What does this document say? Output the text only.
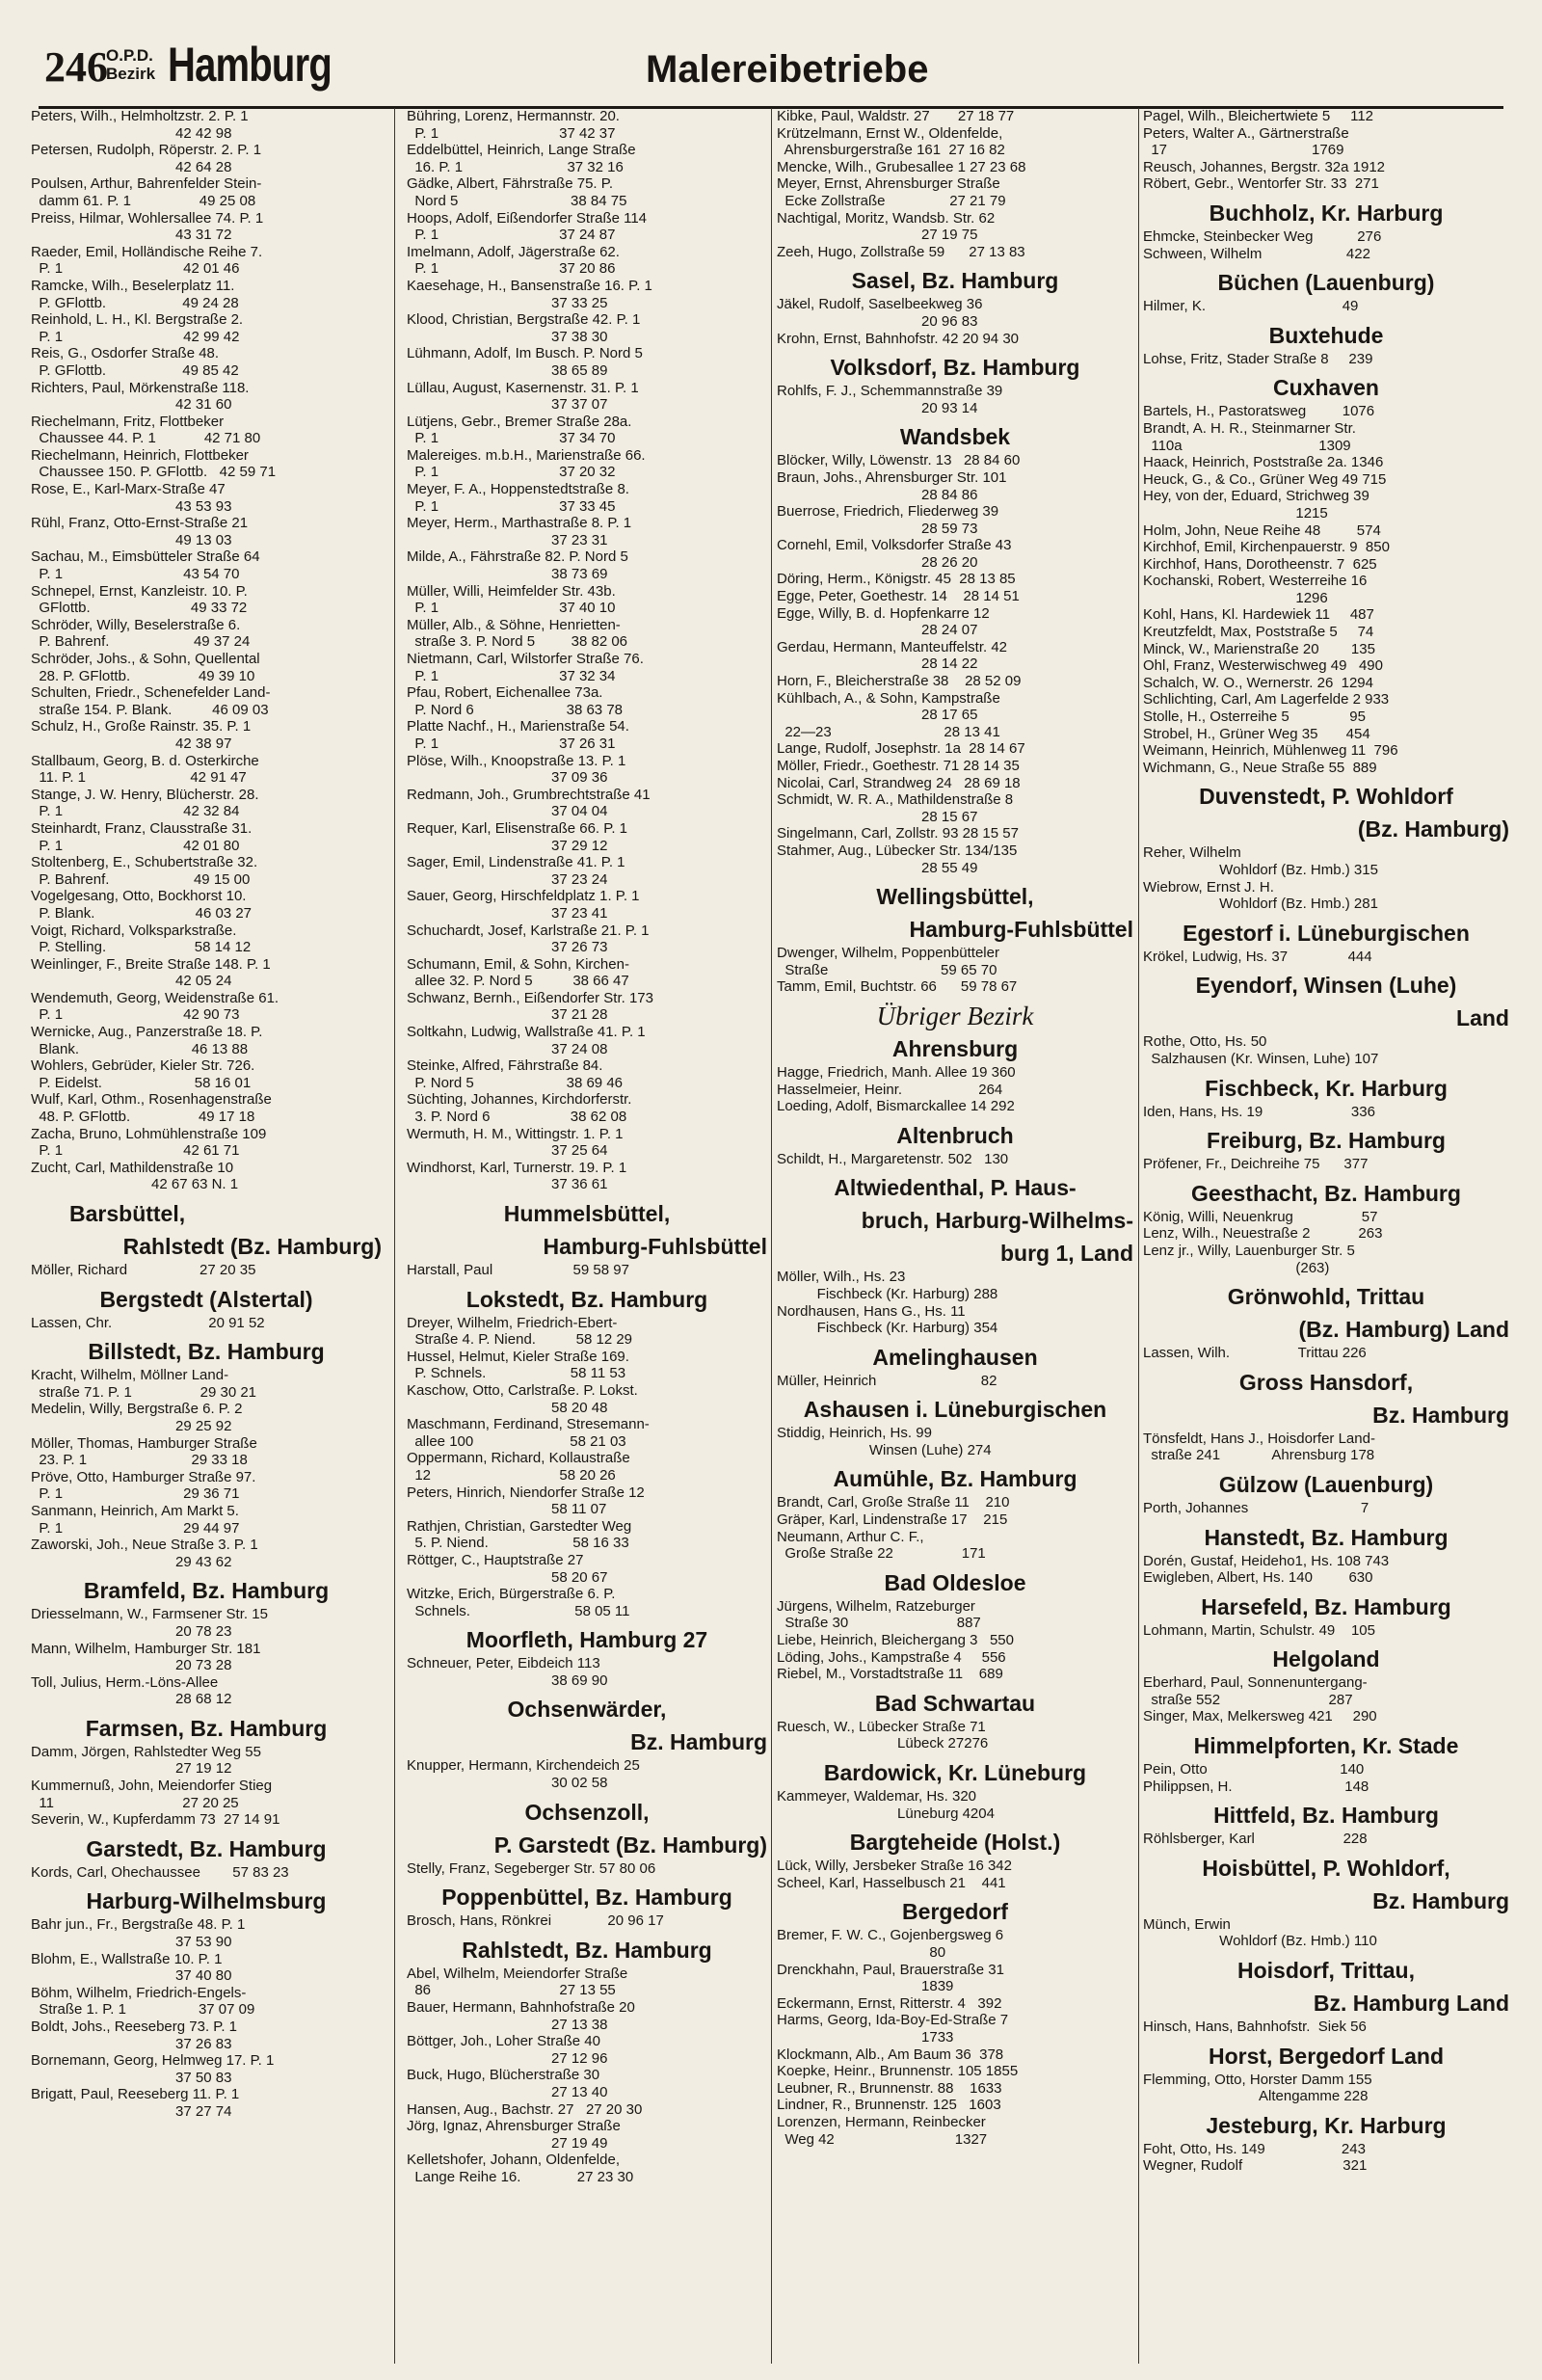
246
O.P.D.
Bezirk Hamburg	Malereibetriebe
Peters, Wilh., Helmholtzstr. 2. P. 1
42 42 98
Petersen, Rudolph, Röperstr. 2. P. 1
42 64 28
Poulsen, Arthur, Bahrenfelder Stein-
damm 61. P. 1                 49 25 08
Preiss, Hilmar, Wohlersallee 74. P. 1
43 31 72
Raeder, Emil, Holländische Reihe 7.
P. 1                              42 01 46
Ramcke, Wilh., Beselerplatz 11.
P. GFlottb.                   49 24 28
Reinhold, L. H., Kl. Bergstraße 2.
P. 1                              42 99 42
Reis, G., Osdorfer Straße 48.
P. GFlottb.                   49 85 42
Richters, Paul, Mörkenstraße 118.
42 31 60
Riechelmann, Fritz, Flottbeker
Chaussee 44. P. 1            42 71 80
Riechelmann, Heinrich, Flottbeker
Chaussee 150. P. GFlottb.   42 59 71
Rose, E., Karl-Marx-Straße 47
43 53 93
Rühl, Franz, Otto-Ernst-Straße 21
49 13 03
Sachau, M., Eimsbütteler Straße 64
P. 1                              43 54 70
Schnepel, Ernst, Kanzleistr. 10. P.
GFlottb.                         49 33 72
Schröder, Willy, Beselerstraße 6.
P. Bahrenf.                     49 37 24
Schröder, Johs., & Sohn, Quellental
28. P. GFlottb.                 49 39 10
Schulten, Friedr., Schenefelder Land-
straße 154. P. Blank.          46 09 03
Schulz, H., Große Rainstr. 35. P. 1
42 38 97
Stallbaum, Georg, B. d. Osterkirche
11. P. 1                          42 91 47
Stange, J. W. Henry, Blücherstr. 28.
P. 1                              42 32 84
Steinhardt, Franz, Clausstraße 31.
P. 1                              42 01 80
Stoltenberg, E., Schubertstraße 32.
P. Bahrenf.                     49 15 00
Vogelgesang, Otto, Bockhorst 10.
P. Blank.                         46 03 27
Voigt, Richard, Volksparkstraße.
P. Stelling.                      58 14 12
Weinlinger, F., Breite Straße 148. P. 1
42 05 24
Wendemuth, Georg, Weidenstraße 61.
P. 1                              42 90 73
Wernicke, Aug., Panzerstraße 18. P.
Blank.                            46 13 88
Wohlers, Gebrüder, Kieler Str. 726.
P. Eidelst.                       58 16 01
Wulf, Karl, Othm., Rosenhagenstraße
48. P. GFlottb.                 49 17 18
Zacha, Bruno, Lohmühlenstraße 109
P. 1                              42 61 71
Zucht, Carl, Mathildenstraße 10
42 67 63 N. 1
Barsbüttel,
Rahlstedt (Bz. Hamburg)
Möller, Richard                  27 20 35
Bergstedt (Alstertal)
Lassen, Chr.                        20 91 52
Billstedt, Bz. Hamburg
Kracht, Wilhelm, Möllner Land-
straße 71. P. 1                 29 30 21
Medelin, Willy, Bergstraße 6. P. 2
29 25 92
Möller, Thomas, Hamburger Straße
23. P. 1                          29 33 18
Pröve, Otto, Hamburger Straße 97.
P. 1                              29 36 71
Sanmann, Heinrich, Am Markt 5.
P. 1                              29 44 97
Zaworski, Joh., Neue Straße 3. P. 1
29 43 62
Bramfeld, Bz. Hamburg
Driesselmann, W., Farmsener Str. 15
20 78 23
Mann, Wilhelm, Hamburger Str. 181
20 73 28
Toll, Julius, Herm.-Löns-Allee
28 68 12
Farmsen, Bz. Hamburg
Damm, Jörgen, Rahlstedter Weg 55
27 19 12
Kummernuß, John, Meiendorfer Stieg
11                                27 20 25
Severin, W., Kupferdamm 73  27 14 91
Garstedt, Bz. Hamburg
Kords, Carl, Ohechaussee        57 83 23
Harburg-Wilhelmsburg
Bahr jun., Fr., Bergstraße 48. P. 1
37 53 90
Blohm, E., Wallstraße 10. P. 1
37 40 80
Böhm, Wilhelm, Friedrich-Engels-
Straße 1. P. 1                  37 07 09
Boldt, Johs., Reeseberg 73. P. 1
37 26 83
Bornemann, Georg, Helmweg 17. P. 1
37 50 83
Brigatt, Paul, Reeseberg 11. P. 1
37 27 74
Bühring, Lorenz, Hermannstr. 20.
P. 1                              37 42 37
Eddelbüttel, Heinrich, Lange Straße
16. P. 1                          37 32 16
Gädke, Albert, Fährstraße 75. P.
Nord 5                            38 84 75
Hoops, Adolf, Eißendorfer Straße 114
P. 1                              37 24 87
Imelmann, Adolf, Jägerstraße 62.
P. 1                              37 20 86
Kaesehage, H., Bansenstraße 16. P. 1
37 33 25
Klood, Christian, Bergstraße 42. P. 1
37 38 30
Lühmann, Adolf, Im Busch. P. Nord 5
38 65 89
Lüllau, August, Kasernenstr. 31. P. 1
37 37 07
Lütjens, Gebr., Bremer Straße 28a.
P. 1                              37 34 70
Malereiges. m.b.H., Marienstraße 66.
P. 1                              37 20 32
Meyer, F. A., Hoppenstedtstraße 8.
P. 1                              37 33 45
Meyer, Herm., Marthastraße 8. P. 1
37 23 31
Milde, A., Fährstraße 82. P. Nord 5
38 73 69
Müller, Willi, Heimfelder Str. 43b.
P. 1                              37 40 10
Müller, Alb., & Söhne, Henrietten-
straße 3. P. Nord 5         38 82 06
Nietmann, Carl, Wilstorfer Straße 76.
P. 1                              37 32 34
Pfau, Robert, Eichenallee 73a.
P. Nord 6                       38 63 78
Platte Nachf., H., Marienstraße 54.
P. 1                              37 26 31
Plöse, Wilh., Knoopstraße 13. P. 1
37 09 36
Redmann, Joh., Grumbrechtstraße 41
37 04 04
Requer, Karl, Elisenstraße 66. P. 1
37 29 12
Sager, Emil, Lindenstraße 41. P. 1
37 23 24
Sauer, Georg, Hirschfeldplatz 1. P. 1
37 23 41
Schuchardt, Josef, Karlstraße 21. P. 1
37 26 73
Schumann, Emil, & Sohn, Kirchen-
allee 32. P. Nord 5          38 66 47
Schwanz, Bernh., Eißendorfer Str. 173
37 21 28
Soltkahn, Ludwig, Wallstraße 41. P. 1
37 24 08
Steinke, Alfred, Fährstraße 84.
P. Nord 5                       38 69 46
Süchting, Johannes, Kirchdorferstr.
3. P. Nord 6                    38 62 08
Wermuth, H. M., Wittingstr. 1. P. 1
37 25 64
Windhorst, Karl, Turnerstr. 19. P. 1
37 36 61
Hummelsbüttel,
Hamburg-Fuhlsbüttel
Harstall, Paul                    59 58 97
Lokstedt, Bz. Hamburg
Dreyer, Wilhelm, Friedrich-Ebert-
Straße 4. P. Niend.          58 12 29
Hussel, Helmut, Kieler Straße 169.
P. Schnels.                     58 11 53
Kaschow, Otto, Carlstraße. P. Lokst.
58 20 48
Maschmann, Ferdinand, Stresemann-
allee 100                        58 21 03
Oppermann, Richard, Kollaustraße
12                                58 20 26
Peters, Hinrich, Niendorfer Straße 12
58 11 07
Rathjen, Christian, Garstedter Weg
5. P. Niend.                     58 16 33
Röttger, C., Hauptstraße 27
58 20 67
Witzke, Erich, Bürgerstraße 6. P.
Schnels.                          58 05 11
Moorfleth, Hamburg 27
Schneuer, Peter, Eibdeich 113
38 69 90
Ochsenwärder,
Bz. Hamburg
Knupper, Hermann, Kirchendeich 25
30 02 58
Ochsenzoll,
P. Garstedt (Bz. Hamburg)
Stelly, Franz, Segeberger Str. 57 80 06
Poppenbüttel, Bz. Hamburg
Brosch, Hans, Rönkrei              20 96 17
Rahlstedt, Bz. Hamburg
Abel, Wilhelm, Meiendorfer Straße
86                                27 13 55
Bauer, Hermann, Bahnhofstraße 20
27 13 38
Böttger, Joh., Loher Straße 40
27 12 96
Buck, Hugo, Blücherstraße 30
27 13 40
Hansen, Aug., Bachstr. 27   27 20 30
Jörg, Ignaz, Ahrensburger Straße
27 19 49
Kelletshofer, Johann, Oldenfelde,
Lange Reihe 16.              27 23 30
Kibke, Paul, Waldstr. 27       27 18 77
Krützelmann, Ernst W., Oldenfelde,
Ahrensburgerstraße 161  27 16 82
Mencke, Wilh., Grubesallee 1 27 23 68
Meyer, Ernst, Ahrensburger Straße
Ecke Zollstraße                27 21 79
Nachtigal, Moritz, Wandsb. Str. 62
27 19 75
Zeeh, Hugo, Zollstraße 59      27 13 83
Sasel, Bz. Hamburg
Jäkel, Rudolf, Saselbeekweg 36
20 96 83
Krohn, Ernst, Bahnhofstr. 42 20 94 30
Volksdorf, Bz. Hamburg
Rohlfs, F. J., Schemmannstraße 39
20 93 14
Wandsbek
Blöcker, Willy, Löwenstr. 13   28 84 60
Braun, Johs., Ahrensburger Str. 101
28 84 86
Buerrose, Friedrich, Fliederweg 39
28 59 73
Cornehl, Emil, Volksdorfer Straße 43
28 26 20
Döring, Herm., Königstr. 45  28 13 85
Egge, Peter, Goethestr. 14    28 14 51
Egge, Willy, B. d. Hopfenkarre 12
28 24 07
Gerdau, Hermann, Manteuffelstr. 42
28 14 22
Horn, F., Bleicherstraße 38    28 52 09
Kühlbach, A., & Sohn, Kampstraße
28 17 65
22—23                            28 13 41
Lange, Rudolf, Josephstr. 1a  28 14 67
Möller, Friedr., Goethestr. 71 28 14 35
Nicolai, Carl, Strandweg 24   28 69 18
Schmidt, W. R. A., Mathildenstraße 8
28 15 67
Singelmann, Carl, Zollstr. 93 28 15 57
Stahmer, Aug., Lübecker Str. 134/135
28 55 49
Wellingsbüttel,
Hamburg-Fuhlsbüttel
Dwenger, Wilhelm, Poppenbütteler
Straße                            59 65 70
Tamm, Emil, Buchtstr. 66      59 78 67
Übriger Bezirk
Ahrensburg
Hagge, Friedrich, Manh. Allee 19 360
Hasselmeier, Heinr.                   264
Loeding, Adolf, Bismarckallee 14 292
Altenbruch
Schildt, H., Margaretenstr. 502   130
Altwiedenthal, P. Haus-
bruch, Harburg-Wilhelms-
burg 1, Land
Möller, Wilh., Hs. 23
Fischbeck (Kr. Harburg) 288
Nordhausen, Hans G., Hs. 11
Fischbeck (Kr. Harburg) 354
Amelinghausen
Müller, Heinrich                          82
Ashausen i. Lüneburgischen
Stiddig, Heinrich, Hs. 99
Winsen (Luhe) 274
Aumühle, Bz. Hamburg
Brandt, Carl, Große Straße 11    210
Gräper, Karl, Lindenstraße 17    215
Neumann, Arthur C. F.,
Große Straße 22                 171
Bad Oldesloe
Jürgens, Wilhelm, Ratzeburger
Straße 30                           887
Liebe, Heinrich, Bleichergang 3   550
Löding, Johs., Kampstraße 4     556
Riebel, M., Vorstadtstraße 11    689
Bad Schwartau
Ruesch, W., Lübecker Straße 71
Lübeck 27276
Bardowick, Kr. Lüneburg
Kammeyer, Waldemar, Hs. 320
Lüneburg 4204
Bargteheide (Holst.)
Lück, Willy, Jersbeker Straße 16 342
Scheel, Karl, Hasselbusch 21    441
Bergedorf
Bremer, F. W. C., Gojenbergsweg 6
80
Drenckhahn, Paul, Brauerstraße 31
1839
Eckermann, Ernst, Ritterstr. 4   392
Harms, Georg, Ida-Boy-Ed-Straße 7
1733
Klockmann, Alb., Am Baum 36  378
Koepke, Heinr., Brunnenstr. 105 1855
Leubner, R., Brunnenstr. 88    1633
Lindner, R., Brunnenstr. 125   1603
Lorenzen, Hermann, Reinbecker
Weg 42                              1327
Pagel, Wilh., Bleichertwiete 5     112
Peters, Walter A., Gärtnerstraße
17                                    1769
Reusch, Johannes, Bergstr. 32a 1912
Röbert, Gebr., Wentorfer Str. 33  271
Buchholz, Kr. Harburg
Ehmcke, Steinbecker Weg           276
Schween, Wilhelm                     422
Büchen (Lauenburg)
Hilmer, K.                                  49
Buxtehude
Lohse, Fritz, Stader Straße 8     239
Cuxhaven
Bartels, H., Pastoratsweg         1076
Brandt, A. H. R., Steinmarner Str.
110a                                  1309
Haack, Heinrich, Poststraße 2a. 1346
Heuck, G., & Co., Grüner Weg 49 715
Hey, von der, Eduard, Strichweg 39
1215
Holm, John, Neue Reihe 48         574
Kirchhof, Emil, Kirchenpauerstr. 9  850
Kirchhof, Hans, Dorotheenstr. 7  625
Kochanski, Robert, Westerreihe 16
1296
Kohl, Hans, Kl. Hardewiek 11     487
Kreutzfeldt, Max, Poststraße 5     74
Minck, W., Marienstraße 20        135
Ohl, Franz, Westerwischweg 49   490
Schalch, W. O., Wernerstr. 26  1294
Schlichting, Carl, Am Lagerfelde 2 933
Stolle, H., Osterreihe 5               95
Strobel, H., Grüner Weg 35       454
Weimann, Heinrich, Mühlenweg 11  796
Wichmann, G., Neue Straße 55  889
Duvenstedt, P. Wohldorf
(Bz. Hamburg)
Reher, Wilhelm
Wohldorf (Bz. Hmb.) 315
Wiebrow, Ernst J. H.
Wohldorf (Bz. Hmb.) 281
Egestorf i. Lüneburgischen
Krökel, Ludwig, Hs. 37               444
Eyendorf, Winsen (Luhe)
Land
Rothe, Otto, Hs. 50
Salzhausen (Kr. Winsen, Luhe) 107
Fischbeck, Kr. Harburg
Iden, Hans, Hs. 19                      336
Freiburg, Bz. Hamburg
Pröfener, Fr., Deichreihe 75      377
Geesthacht, Bz. Hamburg
König, Willi, Neuenkrug                 57
Lenz, Wilh., Neuestraße 2            263
Lenz jr., Willy, Lauenburger Str. 5
(263)
Grönwohld, Trittau
(Bz. Hamburg) Land
Lassen, Wilh.                 Trittau 226
Gross Hansdorf,
Bz. Hamburg
Tönsfeldt, Hans J., Hoisdorfer Land-
straße 241             Ahrensburg 178
Gülzow (Lauenburg)
Porth, Johannes                            7
Hanstedt, Bz. Hamburg
Dorén, Gustaf, Heideho1, Hs. 108 743
Ewigleben, Albert, Hs. 140         630
Harsefeld, Bz. Hamburg
Lohmann, Martin, Schulstr. 49    105
Helgoland
Eberhard, Paul, Sonnenuntergang-
straße 552                           287
Singer, Max, Melkersweg 421     290
Himmelpforten, Kr. Stade
Pein, Otto                                 140
Philippsen, H.                            148
Hittfeld, Bz. Hamburg
Röhlsberger, Karl                      228
Hoisbüttel, P. Wohldorf,
Bz. Hamburg
Münch, Erwin
Wohldorf (Bz. Hmb.) 110
Hoisdorf, Trittau,
Bz. Hamburg Land
Hinsch, Hans, Bahnhofstr.  Siek 56
Horst, Bergedorf Land
Flemming, Otto, Horster Damm 155
Altengamme 228
Jesteburg, Kr. Harburg
Foht, Otto, Hs. 149                   243
Wegner, Rudolf                         321
